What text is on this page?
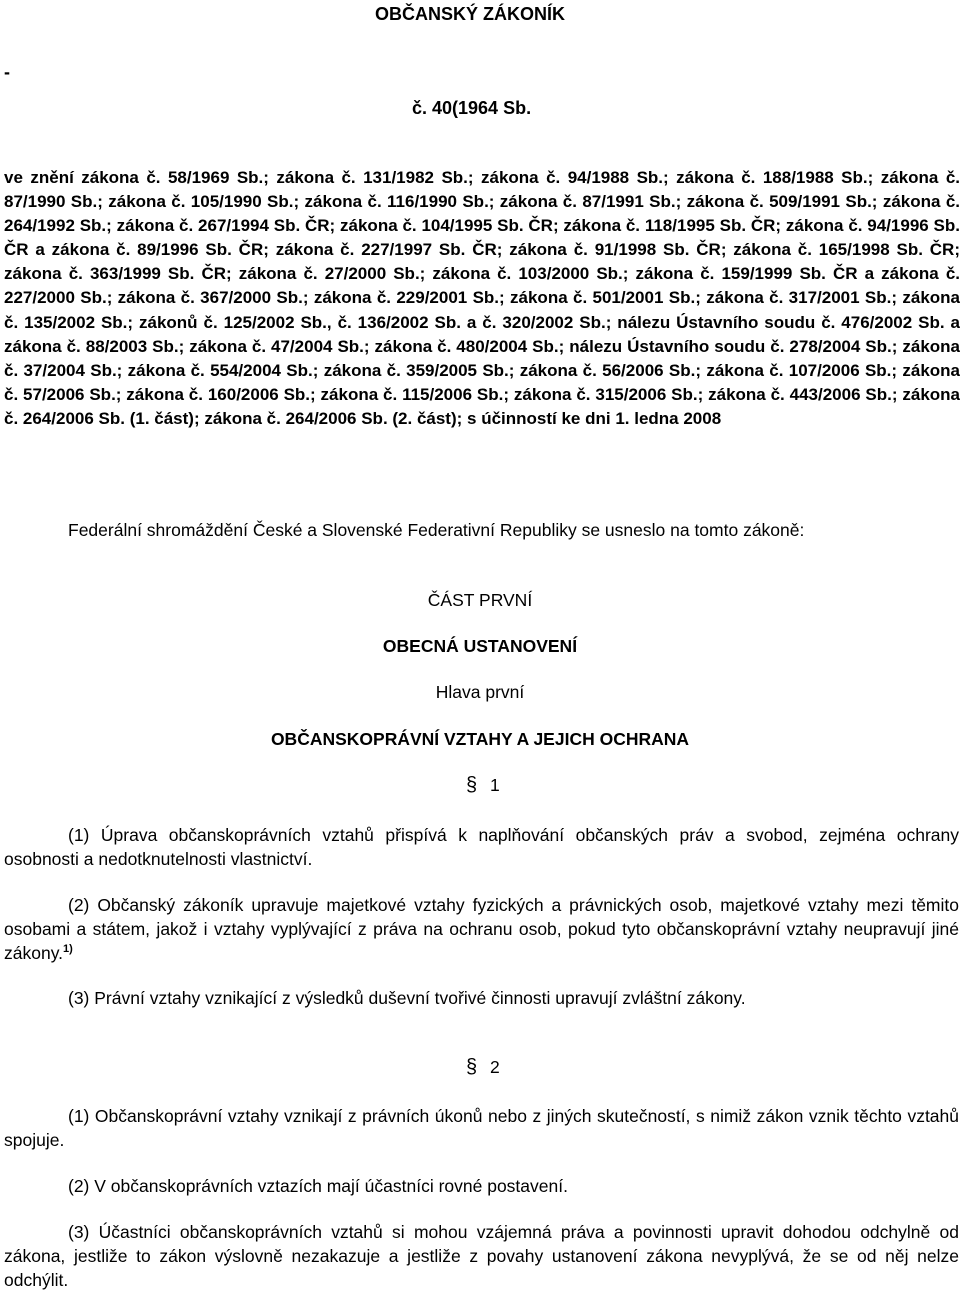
OBČANSKÝ ZÁKONÍK
-
č. 40(1964 Sb.
ve znění zákona č. 58/1969 Sb.; zákona č. 131/1982 Sb.; zákona č. 94/1988 Sb.; zákona č. 188/1988 Sb.; zákona č. 87/1990 Sb.; zákona č. 105/1990 Sb.; zákona č. 116/1990 Sb.; zákona č. 87/1991 Sb.; zákona č. 509/1991 Sb.; zákona č. 264/1992 Sb.; zákona č. 267/1994 Sb. ČR; zákona č. 104/1995 Sb. ČR; zákona č. 118/1995 Sb. ČR; zákona č. 94/1996 Sb. ČR a zákona č. 89/1996 Sb. ČR; zákona č. 227/1997 Sb. ČR; zákona č. 91/1998 Sb. ČR; zákona č. 165/1998 Sb. ČR; zákona č. 363/1999 Sb. ČR; zákona č. 27/2000 Sb.; zákona č. 103/2000 Sb.; zákona č. 159/1999 Sb. ČR a zákona č. 227/2000 Sb.; zákona č. 367/2000 Sb.; zákona č. 229/2001 Sb.; zákona č. 501/2001 Sb.; zákona č. 317/2001 Sb.; zákona č. 135/2002 Sb.; zákonů č. 125/2002 Sb., č. 136/2002 Sb. a č. 320/2002 Sb.; nálezu Ústavního soudu č. 476/2002 Sb. a zákona č. 88/2003 Sb.; zákona č. 47/2004 Sb.; zákona č. 480/2004 Sb.; nálezu Ústavního soudu č. 278/2004 Sb.; zákona č. 37/2004 Sb.; zákona č. 554/2004 Sb.; zákona č. 359/2005 Sb.; zákona č. 56/2006 Sb.; zákona č. 107/2006 Sb.; zákona č. 57/2006 Sb.; zákona č. 160/2006 Sb.; zákona č. 115/2006 Sb.; zákona č. 315/2006 Sb.; zákona č. 443/2006 Sb.; zákona č. 264/2006 Sb. (1. část); zákona č. 264/2006 Sb. (2. část); s účinností ke dni 1. ledna 2008
Federální shromáždění České a Slovenské Federativní Republiky se usneslo na tomto zákoně:
ČÁST PRVNÍ
OBECNÁ USTANOVENÍ
Hlava první
OBČANSKOPRÁVNÍ VZTAHY A JEJICH OCHRANA
§ 1
(1) Úprava občanskoprávních vztahů přispívá k naplňování občanských práv a svobod, zejména ochrany osobnosti a nedotknutelnosti vlastnictví.
(2) Občanský zákoník upravuje majetkové vztahy fyzických a právnických osob, majetkové vztahy mezi těmito osobami a státem, jakož i vztahy vyplývající z práva na ochranu osob, pokud tyto občanskoprávní vztahy neupravují jiné zákony.$^{1)}$
(3) Právní vztahy vznikající z výsledků duševní tvořivé činnosti upravují zvláštní zákony.
§ 2
(1) Občanskoprávní vztahy vznikají z právních úkonů nebo z jiných skutečností, s nimiž zákon vznik těchto vztahů spojuje.
(2) V občanskoprávních vztazích mají účastníci rovné postavení.
(3) Účastníci občanskoprávních vztahů si mohou vzájemná práva a povinnosti upravit dohodou odchylně od zákona, jestliže to zákon výslovně nezakazuje a jestliže z povahy ustanovení zákona nevyplývá, že se od něj nelze odchýlit.
